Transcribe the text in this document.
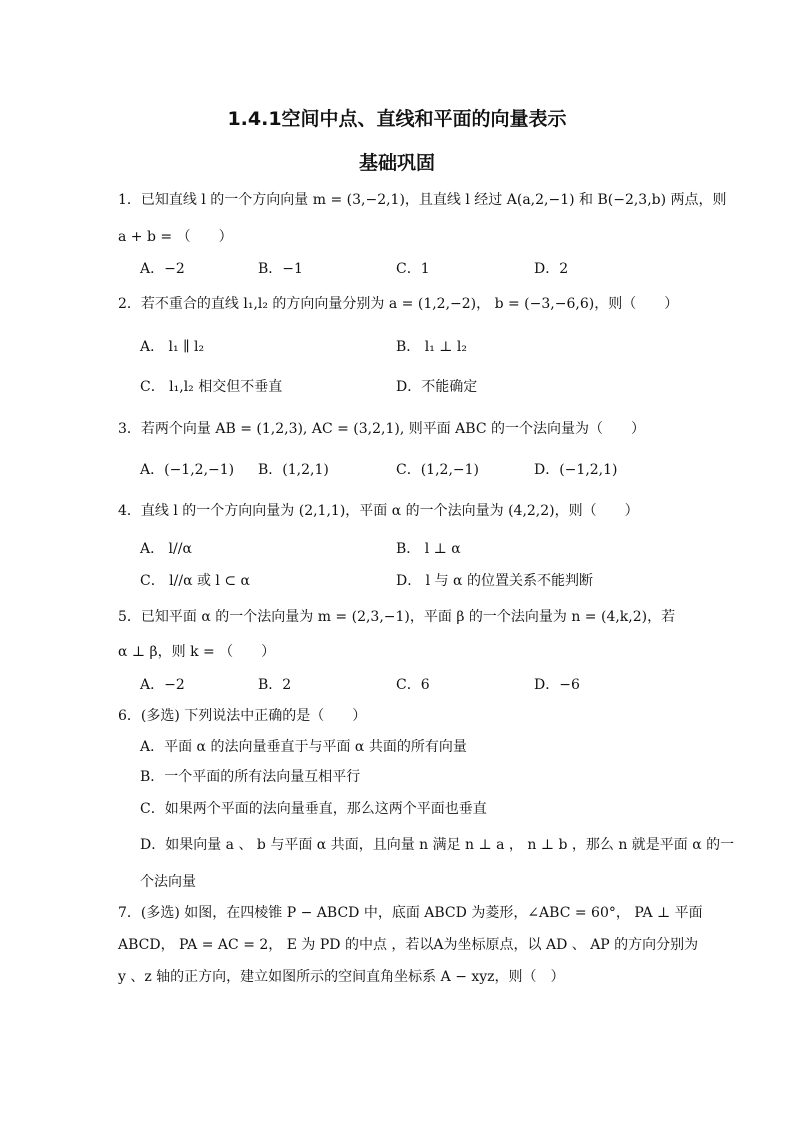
1.4.1空间中点、直线和平面的向量表示
基础巩固
1．已知直线 l 的一个方向向量 m = (3,−2,1)，且直线 l 经过 A(a,2,−1) 和 B(−2,3,b) 两点，则
a + b = （　　）
A．−2	B．−1	C．1	D．2
2．若不重合的直线 l₁,l₂ 的方向向量分别为 a = (1,2,−2)， b = (−3,−6,6)，则（　　）
A． l₁ ∥ l₂	B． l₁ ⊥ l₂
C． l₁,l₂ 相交但不垂直	D．不能确定
3．若两个向量 AB = (1,2,3), AC = (3,2,1), 则平面 ABC 的一个法向量为（　　）
A．(−1,2,−1) B．(1,2,1)	C．(1,2,−1)	D．(−1,2,1)
4．直线 l 的一个方向向量为 (2,1,1)，平面 α 的一个法向量为 (4,2,2)，则（　　）
A． l//α	B． l ⊥ α
C． l//α 或 l ⊂ α	D． l 与 α 的位置关系不能判断
5．已知平面 α 的一个法向量为 m = (2,3,−1)，平面 β 的一个法向量为 n = (4,k,2)，若
α ⊥ β，则 k = （　　）
A．−2	B．2	C．6	D．−6
6．(多选) 下列说法中正确的是（　　）
A．平面 α 的法向量垂直于与平面 α 共面的所有向量
B．一个平面的所有法向量互相平行
C．如果两个平面的法向量垂直，那么这两个平面也垂直
D．如果向量 a 、 b 与平面 α 共面，且向量 n 满足 n ⊥ a ， n ⊥ b ，那么 n 就是平面 α 的一
个法向量
7．(多选) 如图，在四棱锥 P − ABCD 中，底面 ABCD 为菱形，∠ABC = 60°， PA ⊥ 平面
ABCD， PA = AC = 2， E 为 PD 的中点 ，若以A为坐标原点，以 AD 、 AP 的方向分别为
y 、z 轴的正方向，建立如图所示的空间直角坐标系 A − xyz，则（　）
